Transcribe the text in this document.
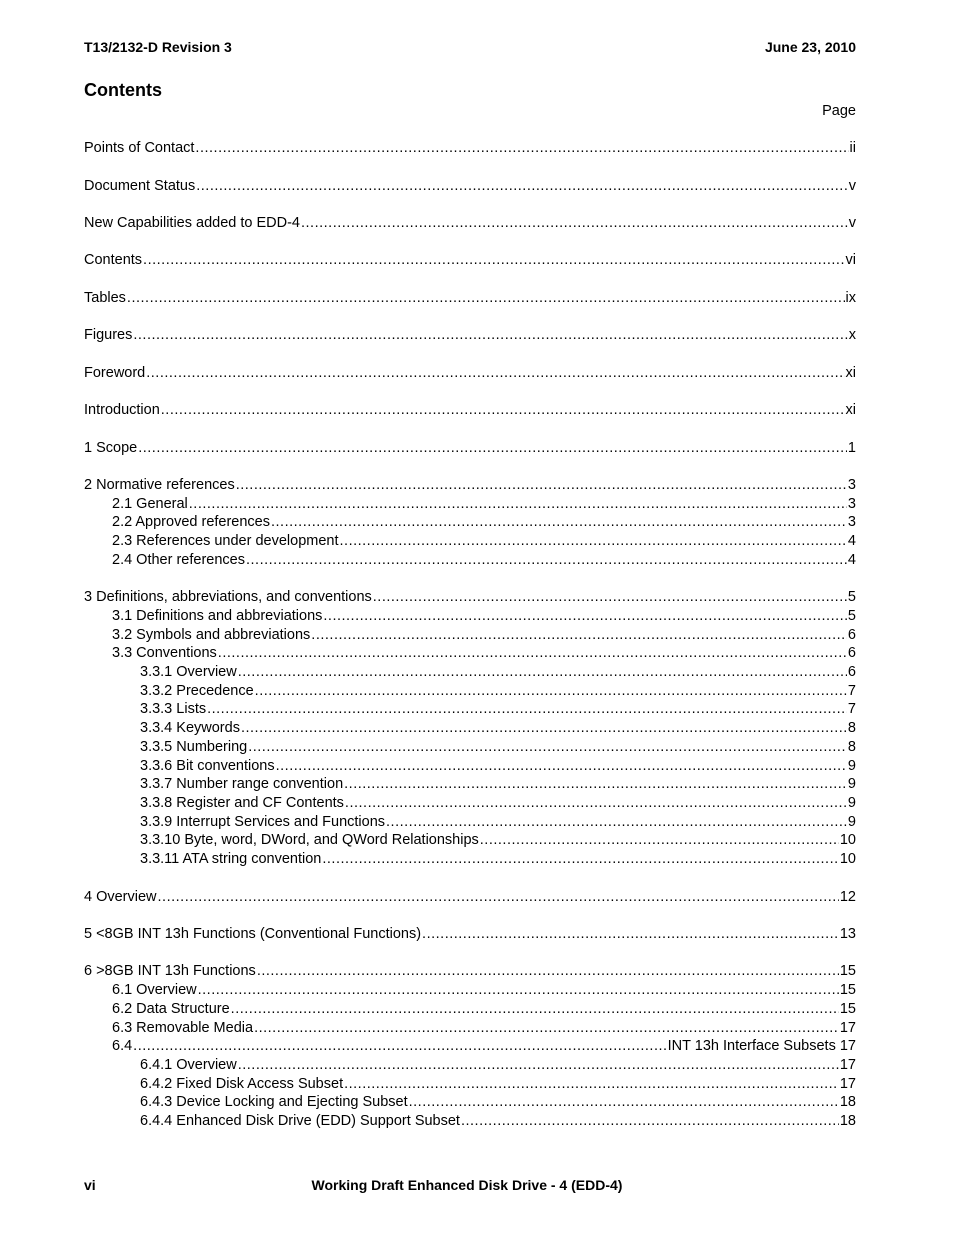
T13/2132-D Revision 3	June 23, 2010
Contents
Page
Points of Contact .....	ii
Document Status .....	v
New Capabilities added to EDD-4 .....	v
Contents .....	vi
Tables .....	ix
Figures .....	x
Foreword .....	xi
Introduction .....	xi
1 Scope .....	1
2 Normative references .....	3
2.1 General .....	3
2.2 Approved references .....	3
2.3 References under development .....	4
2.4 Other references .....	4
3 Definitions, abbreviations, and conventions .....	5
3.1 Definitions and abbreviations .....	5
3.2 Symbols and abbreviations .....	6
3.3 Conventions .....	6
3.3.1 Overview .....	6
3.3.2 Precedence .....	7
3.3.3 Lists .....	7
3.3.4 Keywords .....	8
3.3.5 Numbering .....	8
3.3.6 Bit conventions .....	9
3.3.7 Number range convention .....	9
3.3.8 Register and CF Contents .....	9
3.3.9 Interrupt Services and Functions .....	9
3.3.10 Byte, word, DWord, and QWord Relationships .....	10
3.3.11 ATA string convention .....	10
4 Overview .....	12
5 <8GB INT 13h Functions (Conventional Functions) .....	13
6 >8GB INT 13h Functions .....	15
6.1 Overview .....	15
6.2 Data Structure .....	15
6.3 Removable Media .....	17
6.4 .....	INT 13h Interface Subsets 17
6.4.1 Overview .....	17
6.4.2 Fixed Disk Access Subset .....	17
6.4.3 Device Locking and Ejecting Subset .....	18
6.4.4 Enhanced Disk Drive (EDD) Support Subset .....	18
vi	Working Draft Enhanced Disk Drive - 4 (EDD-4)
